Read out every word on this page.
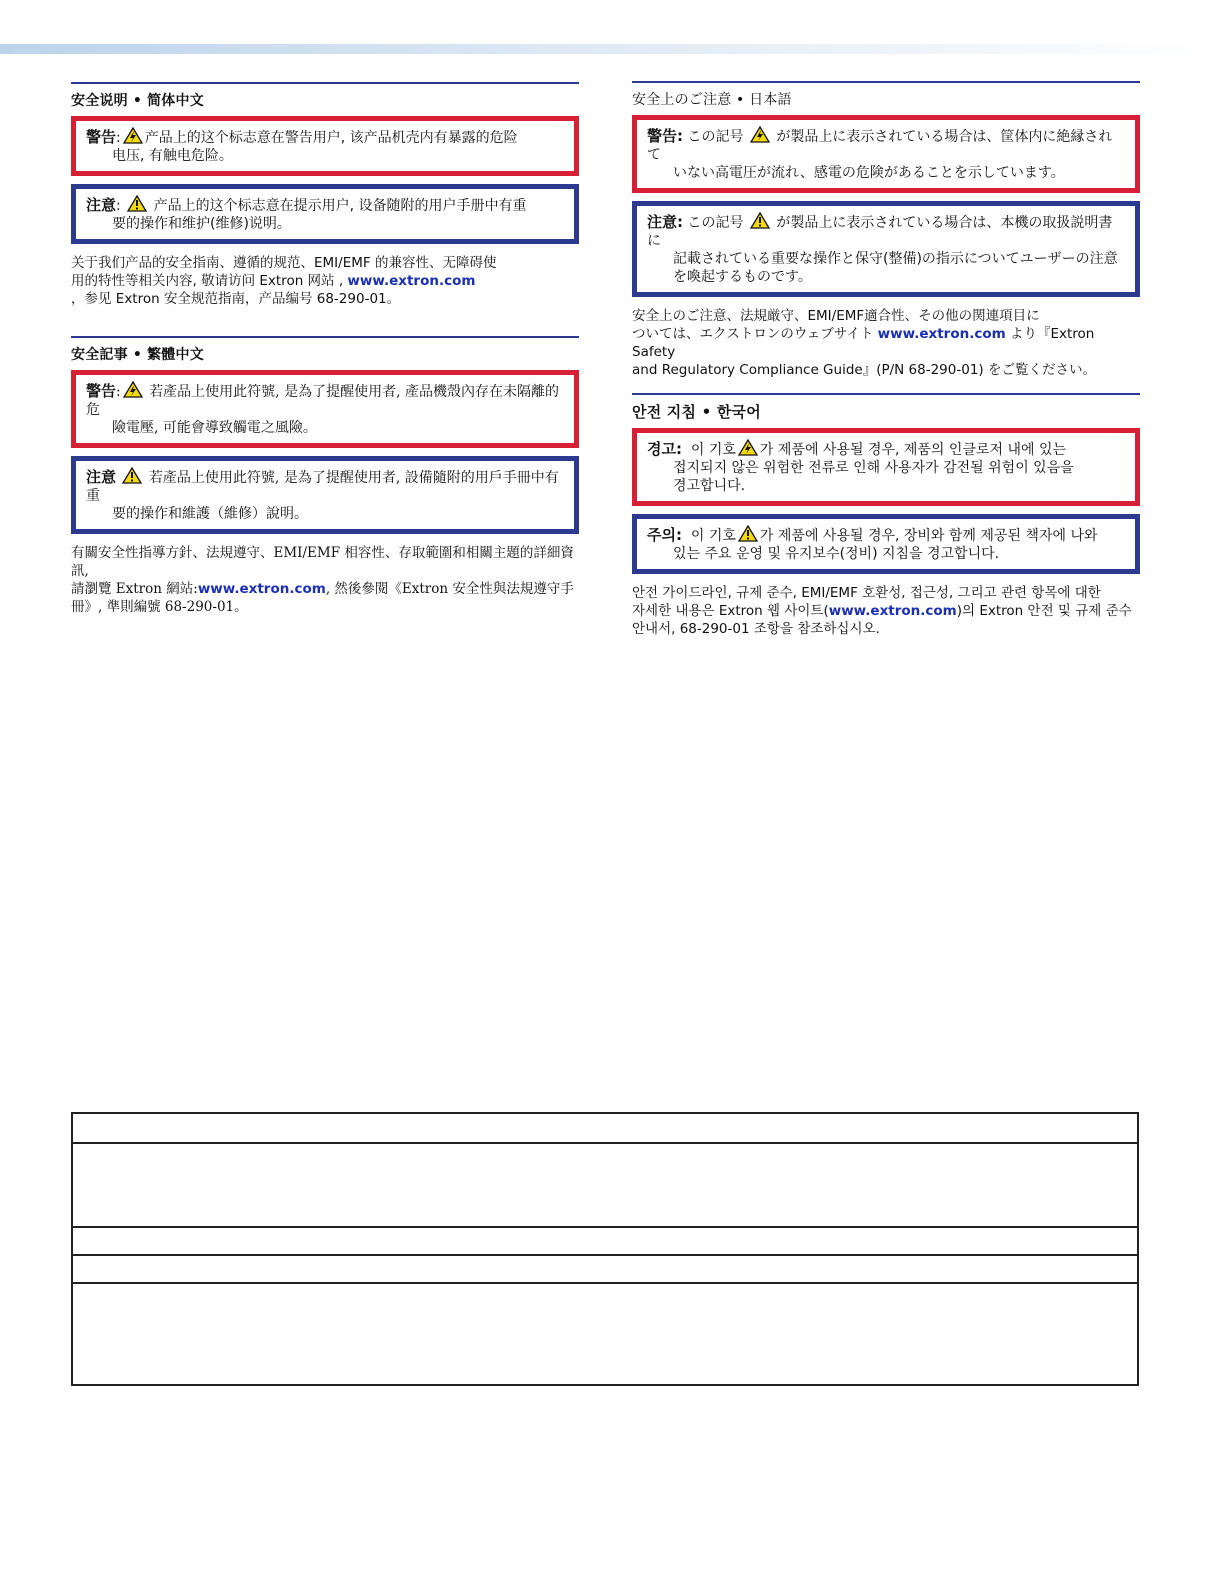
安全说明 • 简体中文
警告: 产品上的这个标志意在警告用户, 该产品机壳内有暴露的危险
电压, 有触电危险。
注意: 产品上的这个标志意在提示用户, 设备随附的用户手册中有重
要的操作和维护(维修)说明。
关于我们产品的安全指南、遵循的规范、EMI/EMF 的兼容性、无障碍使
用的特性等相关内容, 敬请访问 Extron 网站 , www.extron.com
，参见 Extron 安全规范指南，产品编号 68-290-01。
安全記事 • 繁體中文
警告: 若產品上使用此符號, 是為了提醒使用者, 產品機殼內存在未隔離的危
險電壓, 可能會導致觸電之風險。
注意 若產品上使用此符號, 是為了提醒使用者, 設備隨附的用戶手冊中有重
要的操作和維護（維修）說明。
有關安全性指導方針、法規遵守、EMI/EMF 相容性、存取範圍和相關主題的詳細資訊,
請瀏覽 Extron 網站:www.extron.com, 然後參閱《Extron 安全性與法規遵守手
冊》, 準則編號 68-290-01。
安全上のご注意 • 日本語
警告: この記号 が製品上に表示されている場合は、筐体内に絶縁されて
いない高電圧が流れ、感電の危険があることを示しています。
注意: この記号 が製品上に表示されている場合は、本機の取扱説明書に
記載されている重要な操作と保守(整備)の指示についてユーザーの注意
を喚起するものです。
安全上のご注意、法規厳守、EMI/EMF適合性、その他の関連項目に
ついては、エクストロンのウェブサイト www.extron.com より『Extron Safety
and Regulatory Compliance Guide』(P/N 68-290-01) をご覧ください。
안전 지침 • 한국어
경고: 이 기호 가 제품에 사용될 경우, 제품의 인클로저 내에 있는
접지되지 않은 위험한 전류로 인해 사용자가 감전될 위험이 있음을
경고합니다.
주의: 이 기호 가 제품에 사용될 경우, 장비와 함께 제공된 책자에 나와
있는 주요 운영 및 유지보수(정비) 지침을 경고합니다.
안전 가이드라인, 규제 준수, EMI/EMF 호환성, 접근성, 그리고 관련 항목에 대한
자세한 내용은 Extron 웹 사이트(www.extron.com)의 Extron 안전 및 규제 준수
안내서, 68-290-01 조항을 참조하십시오.
